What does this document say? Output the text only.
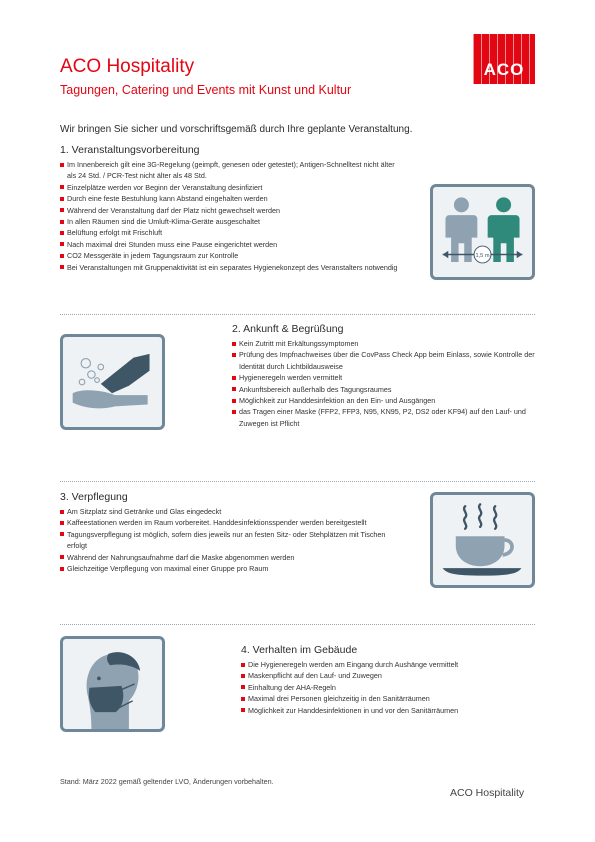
ACO
ACO Hospitality
Tagungen, Catering und Events mit Kunst und Kultur
Wir bringen Sie sicher und vorschriftsgemäß durch Ihre geplante Veranstaltung.
1. Veranstaltungsvorbereitung
Im Innenbereich gilt eine 3G-Regelung (geimpft, genesen oder getestet); Antigen-Schnelltest nicht älter als 24 Std. / PCR-Test nicht älter als 48 Std.
Einzelplätze werden vor Beginn der Veranstaltung desinfiziert
Durch eine feste Bestuhlung kann Abstand eingehalten werden
Während der Veranstaltung darf der Platz nicht gewechselt werden
In allen Räumen sind die Umluft-Klima-Geräte ausgeschaltet
Belüftung erfolgt mit Frischluft
Nach maximal drei Stunden muss eine Pause eingerichtet werden
CO2 Messgeräte in jedem Tagungsraum zur Kontrolle
Bei Veranstaltungen mit Gruppenaktivität ist ein separates Hygienekonzept des Veranstalters notwendig
1,5 m
2. Ankunft & Begrüßung
Kein Zutritt mit Erkältungssymptomen
Prüfung des Impfnachweises über die CovPass Check App beim Einlass, sowie Kontrolle der Identität durch Lichtbildausweise
Hygieneregeln werden vermittelt
Ankunftsbereich außerhalb des Tagungsraumes
Möglichkeit zur Handdesinfektion an den Ein- und Ausgängen
das Tragen einer Maske (FFP2, FFP3, N95, KN95, P2, DS2 oder KF94) auf den Lauf- und Zuwegen ist Pflicht
3. Verpflegung
Am Sitzplatz sind Getränke und Glas eingedeckt
Kaffeestationen werden im Raum vorbereitet. Handdesinfektionsspender werden bereitgestellt
Tagungsverpflegung ist möglich, sofern dies jeweils nur an festen Sitz- oder Stehplätzen mit Tischen erfolgt
Während der Nahrungsaufnahme darf die Maske abgenommen werden
Gleichzeitige Verpflegung von maximal einer Gruppe pro Raum
4. Verhalten im Gebäude
Die Hygieneregeln werden am Eingang durch Aushänge vermittelt
Maskenpflicht auf den Lauf- und Zuwegen
Einhaltung der AHA-Regeln
Maximal drei Personen gleichzeitig in den Sanitärräumen
Möglichkeit zur Handdesinfektionen in und vor den Sanitärräumen
Stand: März 2022 gemäß geltender LVO, Änderungen vorbehalten.
ACO Hospitality
